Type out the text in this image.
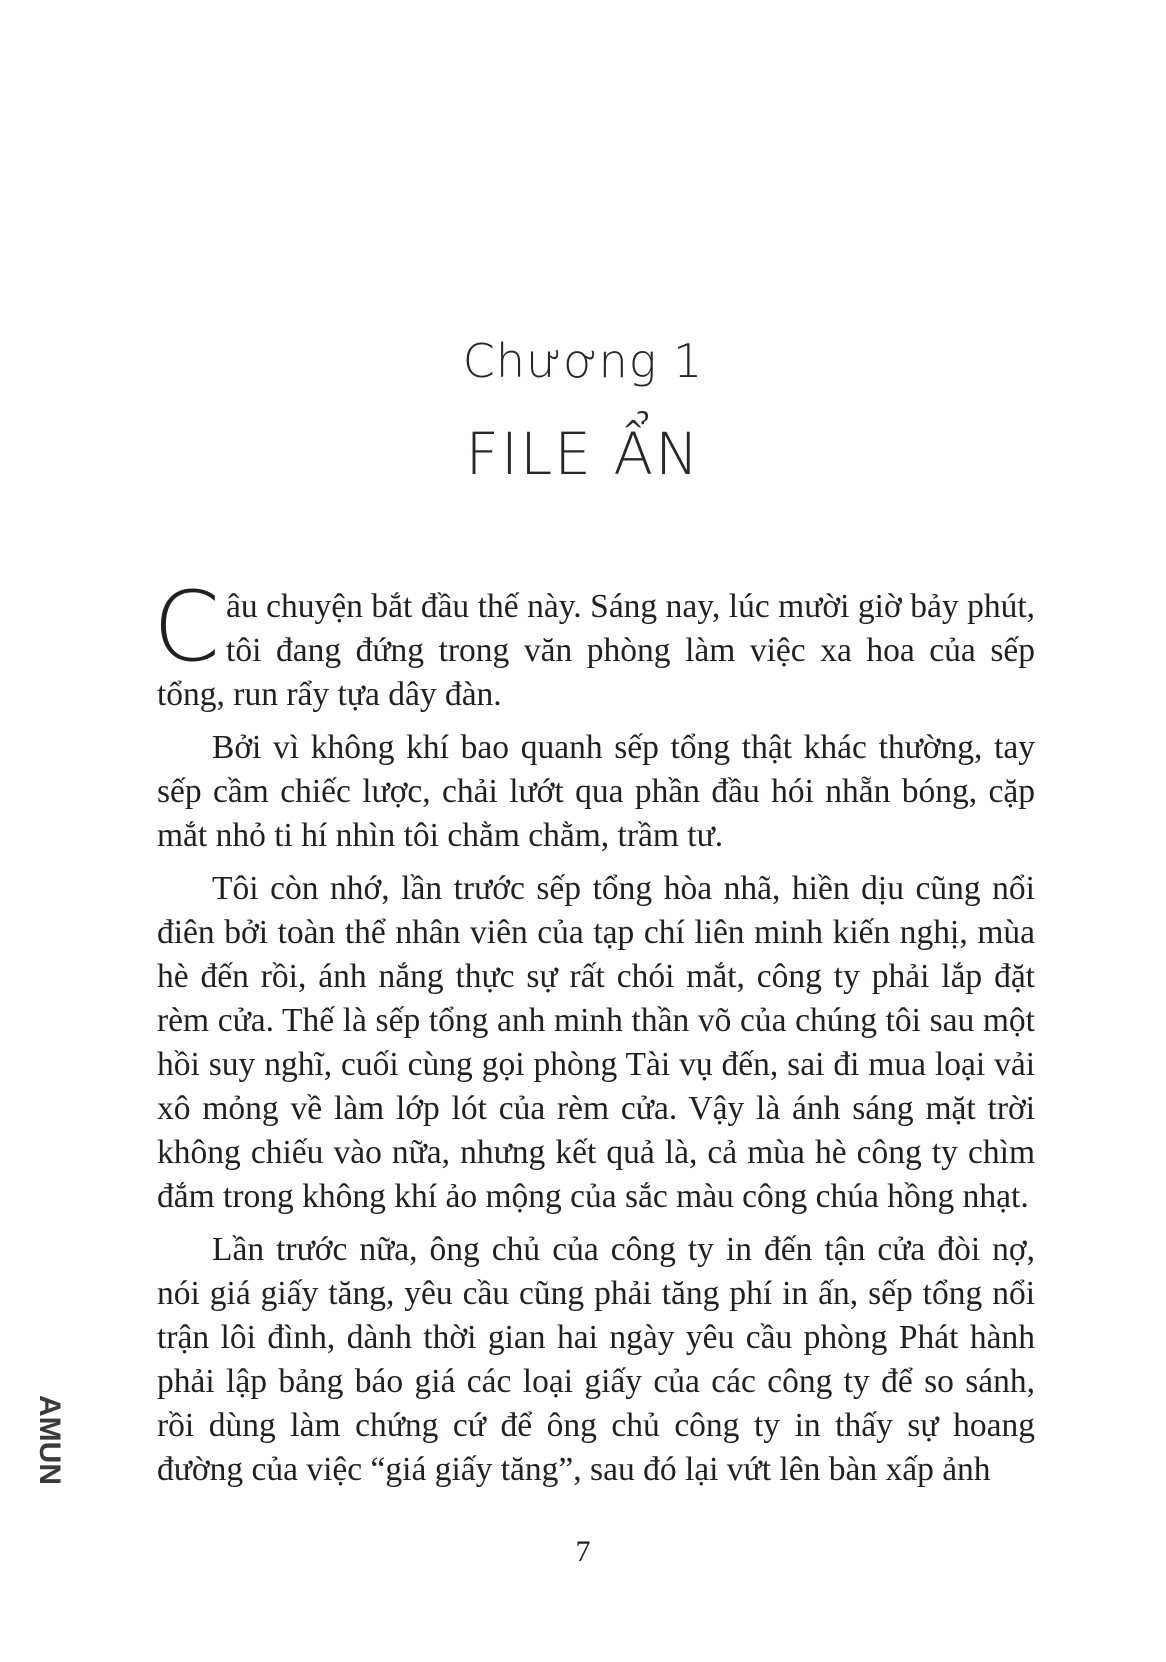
Chương 1
FILE ẨN

Câu chuyện bắt đầu thế này. Sáng nay, lúc mười giờ bảy phút, tôi đang đứng trong văn phòng làm việc xa hoa của sếp tổng, run rẩy tựa dây đàn.

Bởi vì không khí bao quanh sếp tổng thật khác thường, tay sếp cầm chiếc lược, chải lướt qua phần đầu hói nhẵn bóng, cặp mắt nhỏ ti hí nhìn tôi chằm chằm, trầm tư.

Tôi còn nhớ, lần trước sếp tổng hòa nhã, hiền dịu cũng nổi điên bởi toàn thể nhân viên của tạp chí liên minh kiến nghị, mùa hè đến rồi, ánh nắng thực sự rất chói mắt, công ty phải lắp đặt rèm cửa. Thế là sếp tổng anh minh thần võ của chúng tôi sau một hồi suy nghĩ, cuối cùng gọi phòng Tài vụ đến, sai đi mua loại vải xô mỏng về làm lớp lót của rèm cửa. Vậy là ánh sáng mặt trời không chiếu vào nữa, nhưng kết quả là, cả mùa hè công ty chìm đắm trong không khí ảo mộng của sắc màu công chúa hồng nhạt.

Lần trước nữa, ông chủ của công ty in đến tận cửa đòi nợ, nói giá giấy tăng, yêu cầu cũng phải tăng phí in ấn, sếp tổng nổi trận lôi đình, dành thời gian hai ngày yêu cầu phòng Phát hành phải lập bảng báo giá các loại giấy của các công ty để so sánh, rồi dùng làm chứng cứ để ông chủ công ty in thấy sự hoang đường của việc “giá giấy tăng”, sau đó lại vứt lên bàn xấp ảnh

AMUN
7
